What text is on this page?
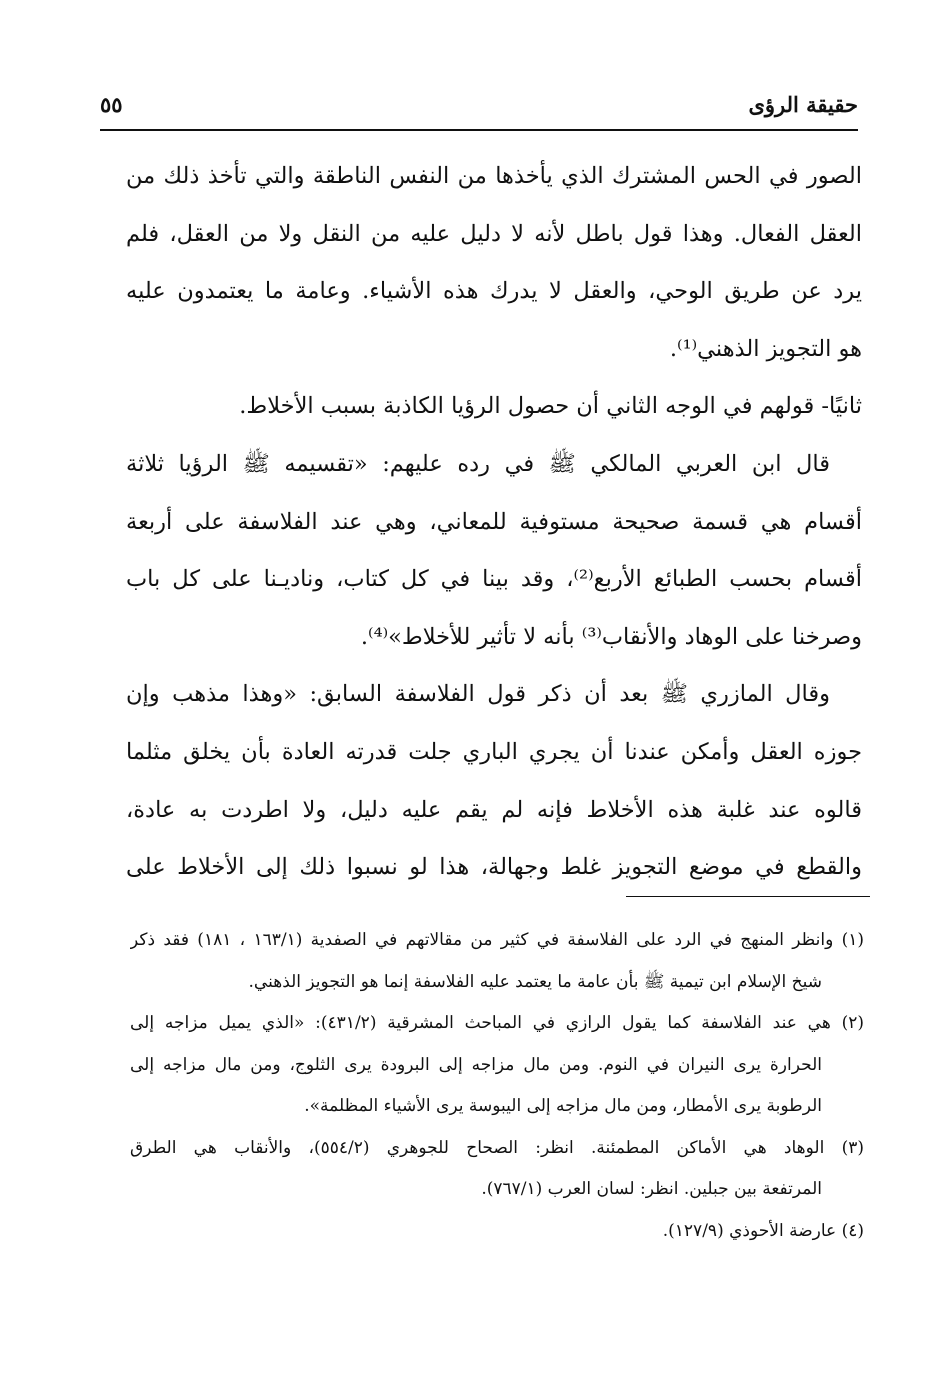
حقيقة الرؤى
٥٥
الصور في الحس المشترك الذي يأخذها من النفس الناطقة والتي تأخذ ذلك من
العقل الفعال. وهذا قول باطل لأنه لا دليل عليه من النقل ولا من العقل، فلم
يرد عن طريق الوحي، والعقل لا يدرك هذه الأشياء. وعامة ما يعتمدون عليه
هو التجويز الذهني⁽¹⁾.
ثانيًا- قولهم في الوجه الثاني أن حصول الرؤيا الكاذبة بسبب الأخلاط.
قال ابن العربي المالكي ﷺ في رده عليهم: «تقسيمه ﷺ الرؤيا ثلاثة
أقسام هي قسمة صحيحة مستوفية للمعاني، وهي عند الفلاسفة على أربعة
أقسام بحسب الطبائع الأربع⁽²⁾، وقد بينا في كل كتاب، وناديـنا على كل باب
وصرخنا على الوهاد والأنقاب⁽³⁾ بأنه لا تأثير للأخلاط»⁽⁴⁾.
وقال المازري ﷺ بعد أن ذكر قول الفلاسفة السابق: «وهذا مذهب وإن
جوزه العقل وأمكن عندنا أن يجري الباري جلت قدرته العادة بأن يخلق مثلما
قالوه عند غلبة هذه الأخلاط فإنه لم يقم عليه دليل، ولا اطردت به عادة،
والقطع في موضع التجويز غلط وجهالة، هذا لو نسبوا ذلك إلى الأخلاط على
(١) وانظر المنهج في الرد على الفلاسفة في كثير من مقالاتهم في الصفدية (١٦٣/١ ، ١٨١) فقد ذكر
شيخ الإسلام ابن تيمية ﷺ بأن عامة ما يعتمد عليه الفلاسفة إنما هو التجويز الذهني.
(٢) هي عند الفلاسفة كما يقول الرازي في المباحث المشرقية (٤٣١/٢): «الذي يميل مزاجه إلى
الحرارة يرى النيران في النوم. ومن مال مزاجه إلى البرودة يرى الثلوج، ومن مال مزاجه إلى
الرطوبة يرى الأمطار، ومن مال مزاجه إلى اليبوسة يرى الأشياء المظلمة».
(٣) الوهاد هي الأماكن المطمئنة. انظر: الصحاح للجوهري (٥٥٤/٢)، والأنقاب هي الطرق
المرتفعة بين جبلين. انظر: لسان العرب (٧٦٧/١).
(٤) عارضة الأحوذي (١٢٧/٩).
